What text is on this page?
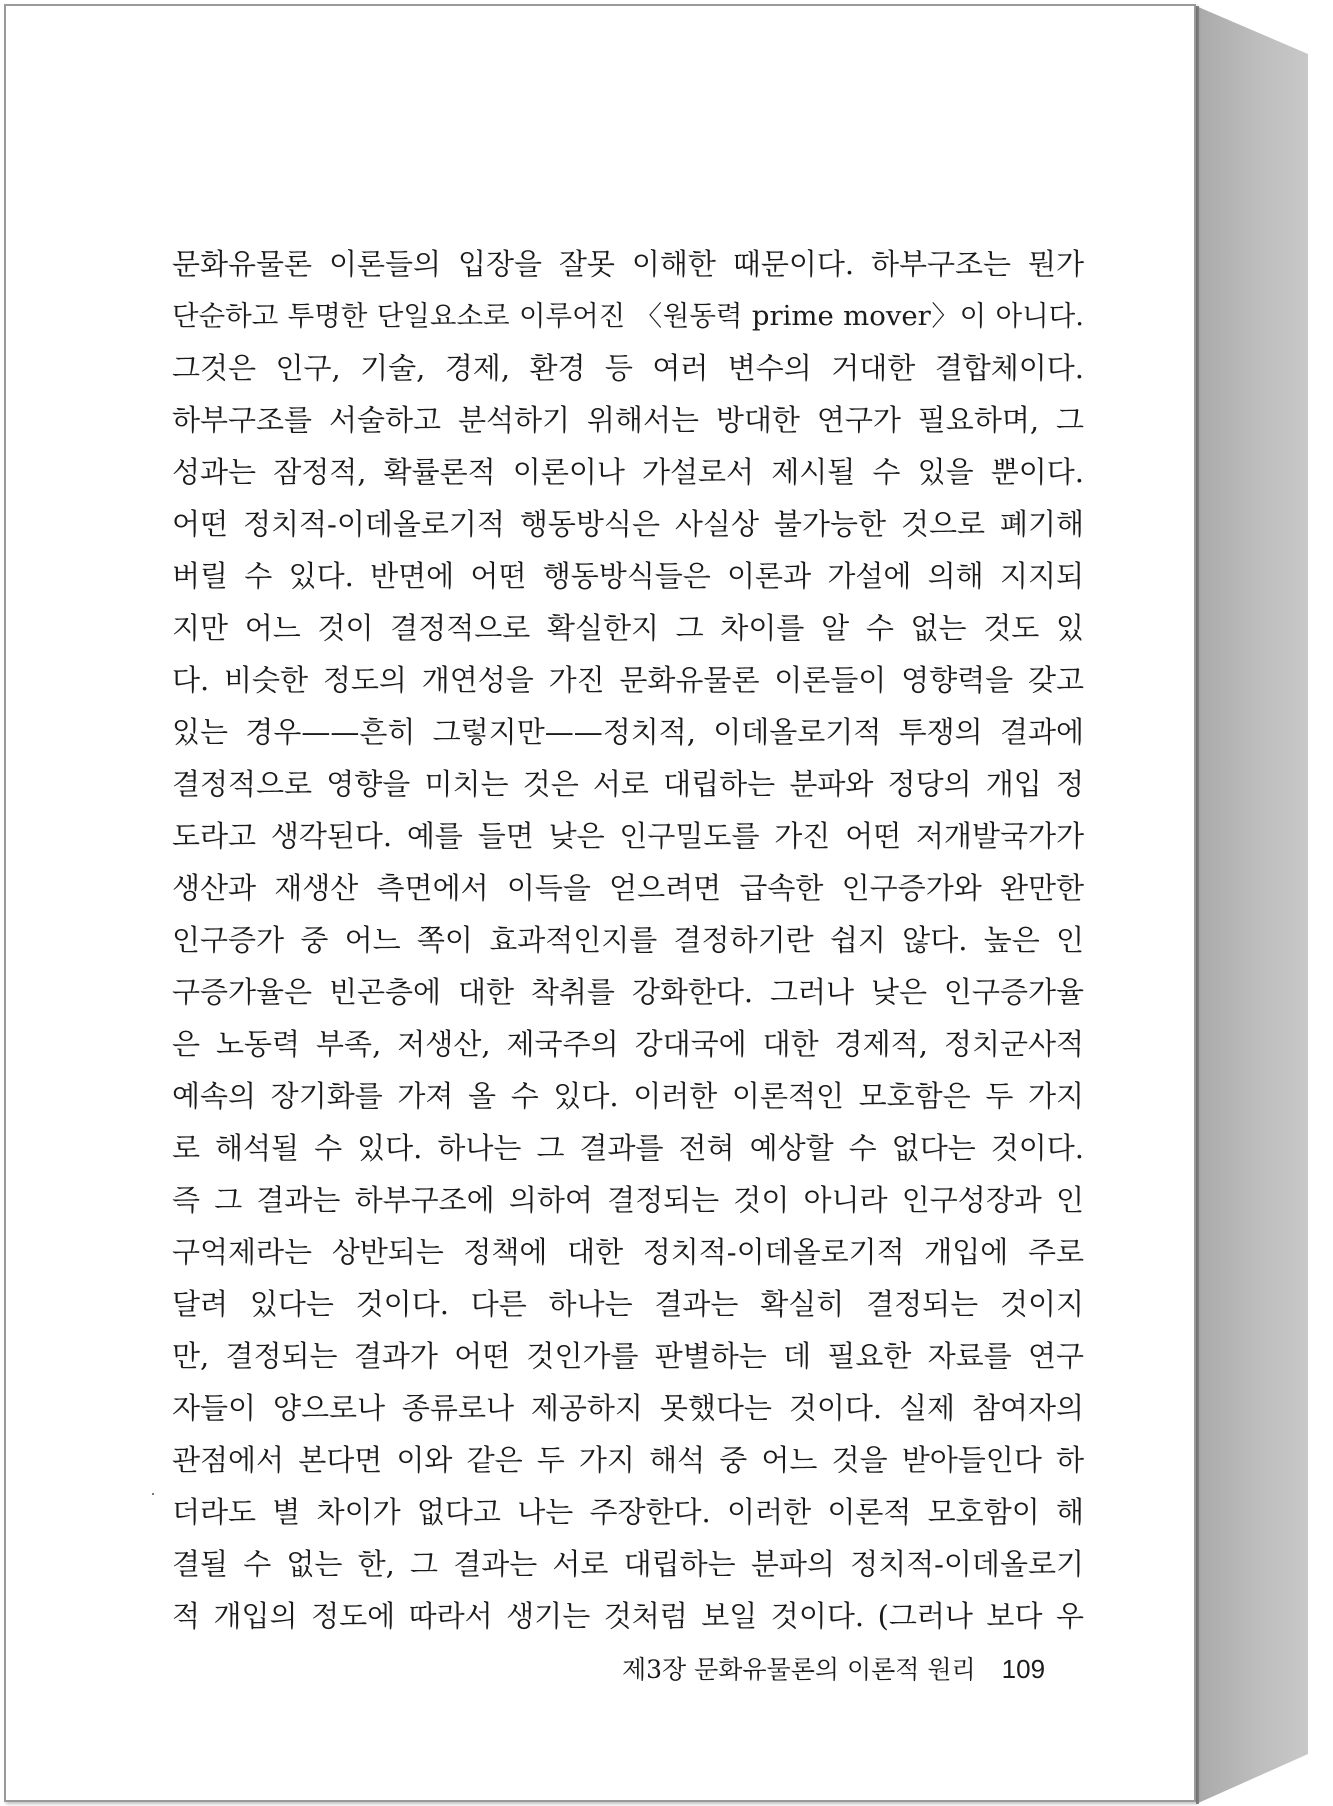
문화유물론 이론들의 입장을 잘못 이해한 때문이다. 하부구조는 뭔가
단순하고 투명한 단일요소로 이루어진 〈원동력 prime mover〉이 아니다.
그것은 인구, 기술, 경제, 환경 등 여러 변수의 거대한 결합체이다.
하부구조를 서술하고 분석하기 위해서는 방대한 연구가 필요하며, 그
성과는 잠정적, 확률론적 이론이나 가설로서 제시될 수 있을 뿐이다.
어떤 정치적-이데올로기적 행동방식은 사실상 불가능한 것으로 폐기해
버릴 수 있다. 반면에 어떤 행동방식들은 이론과 가설에 의해 지지되
지만 어느 것이 결정적으로 확실한지 그 차이를 알 수 없는 것도 있
다. 비슷한 정도의 개연성을 가진 문화유물론 이론들이 영향력을 갖고
있는 경우——흔히 그렇지만——정치적, 이데올로기적 투쟁의 결과에
결정적으로 영향을 미치는 것은 서로 대립하는 분파와 정당의 개입 정
도라고 생각된다. 예를 들면 낮은 인구밀도를 가진 어떤 저개발국가가
생산과 재생산 측면에서 이득을 얻으려면 급속한 인구증가와 완만한
인구증가 중 어느 쪽이 효과적인지를 결정하기란 쉽지 않다. 높은 인
구증가율은 빈곤층에 대한 착취를 강화한다. 그러나 낮은 인구증가율
은 노동력 부족, 저생산, 제국주의 강대국에 대한 경제적, 정치군사적
예속의 장기화를 가져 올 수 있다. 이러한 이론적인 모호함은 두 가지
로 해석될 수 있다. 하나는 그 결과를 전혀 예상할 수 없다는 것이다.
즉 그 결과는 하부구조에 의하여 결정되는 것이 아니라 인구성장과 인
구억제라는 상반되는 정책에 대한 정치적-이데올로기적 개입에 주로
달려 있다는 것이다. 다른 하나는 결과는 확실히 결정되는 것이지
만, 결정되는 결과가 어떤 것인가를 판별하는 데 필요한 자료를 연구
자들이 양으로나 종류로나 제공하지 못했다는 것이다. 실제 참여자의
관점에서 본다면 이와 같은 두 가지 해석 중 어느 것을 받아들인다 하
더라도 별 차이가 없다고 나는 주장한다. 이러한 이론적 모호함이 해
결될 수 없는 한, 그 결과는 서로 대립하는 분파의 정치적-이데올로기
적 개입의 정도에 따라서 생기는 것처럼 보일 것이다. (그러나 보다 우
제3장 문화유물론의 이론적 원리 109
